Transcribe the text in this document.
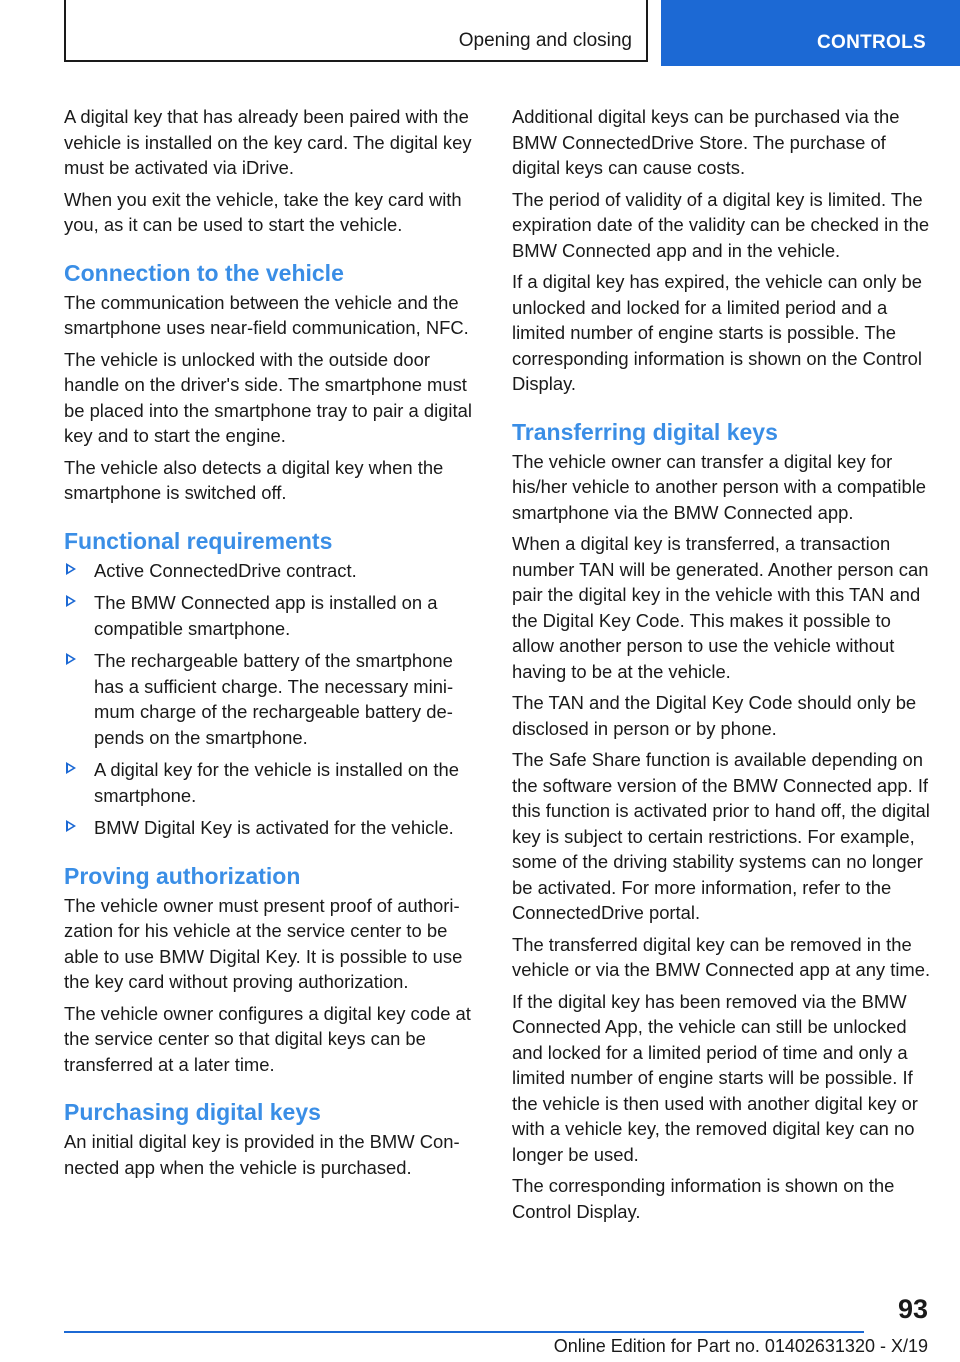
Opening and closing	CONTROLS

A digital key that has already been paired with the vehicle is installed on the key card. The digital key must be activated via iDrive.

When you exit the vehicle, take the key card with you, as it can be used to start the vehicle.

Connection to the vehicle

The communication between the vehicle and the smartphone uses near-field communication, NFC.

The vehicle is unlocked with the outside door handle on the driver's side. The smartphone must be placed into the smartphone tray to pair a digital key and to start the engine.

The vehicle also detects a digital key when the smartphone is switched off.

Functional requirements
Active ConnectedDrive contract.
The BMW Connected app is installed on a compatible smartphone.
The rechargeable battery of the smartphone has a sufficient charge. The necessary minimum charge of the rechargeable battery depends on the smartphone.
A digital key for the vehicle is installed on the smartphone.
BMW Digital Key is activated for the vehicle.
Proving authorization

The vehicle owner must present proof of authorization for his vehicle at the service center to be able to use BMW Digital Key. It is possible to use the key card without proving authorization.

The vehicle owner configures a digital key code at the service center so that digital keys can be transferred at a later time.

Purchasing digital keys

An initial digital key is provided in the BMW Connected app when the vehicle is purchased.

Additional digital keys can be purchased via the BMW ConnectedDrive Store. The purchase of digital keys can cause costs.

The period of validity of a digital key is limited. The expiration date of the validity can be checked in the BMW Connected app and in the vehicle.

If a digital key has expired, the vehicle can only be unlocked and locked for a limited period and a limited number of engine starts is possible. The corresponding information is shown on the Control Display.

Transferring digital keys

The vehicle owner can transfer a digital key for his/her vehicle to another person with a compatible smartphone via the BMW Connected app.

When a digital key is transferred, a transaction number TAN will be generated. Another person can pair the digital key in the vehicle with this TAN and the Digital Key Code. This makes it possible to allow another person to use the vehicle without having to be at the vehicle.

The TAN and the Digital Key Code should only be disclosed in person or by phone.

The Safe Share function is available depending on the software version of the BMW Connected app. If this function is activated prior to hand off, the digital key is subject to certain restrictions. For example, some of the driving stability systems can no longer be activated. For more information, refer to the ConnectedDrive portal.

The transferred digital key can be removed in the vehicle or via the BMW Connected app at any time.

If the digital key has been removed via the BMW Connected App, the vehicle can still be unlocked and locked for a limited period of time and only a limited number of engine starts will be possible. If the vehicle is then used with another digital key or with a vehicle key, the removed digital key can no longer be used.

The corresponding information is shown on the Control Display.

93
Online Edition for Part no. 01402631320 - X/19
